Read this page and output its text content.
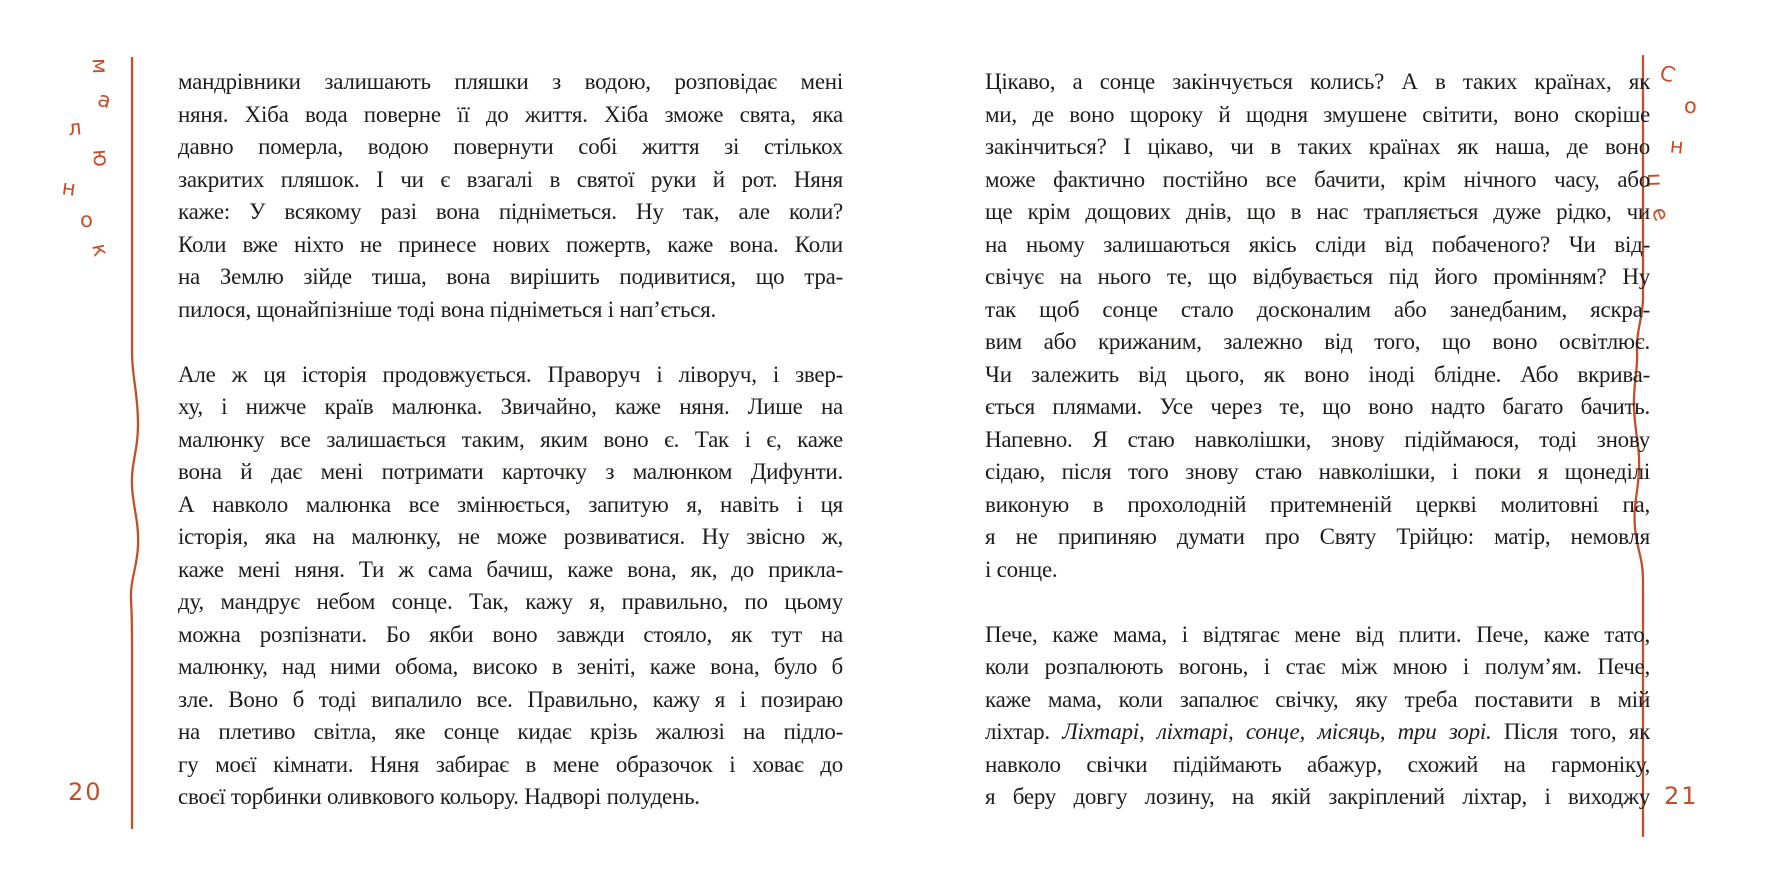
м
а
л
ю
н
о
к
С
о
н
ц
е
мандрівники залишають пляшки з водою, розповідає мені
няня. Хіба вода поверне її до життя. Хіба зможе свята, яка
давно померла, водою повернути собі життя зі стількох
закритих пляшок. І чи є взагалі в святої руки й рот. Няня
каже: У всякому разі вона підніметься. Ну так, але коли?
Коли вже ніхто не принесе нових пожертв, каже вона. Коли
на Землю зійде тиша, вона вирішить подивитися, що тра-
пилося, щонайпізніше тоді вона підніметься і нап’ється.
Але ж ця історія продовжується. Праворуч і ліворуч, і звер-
ху, і нижче країв малюнка. Звичайно, каже няня. Лише на
малюнку все залишається таким, яким воно є. Так і є, каже
вона й дає мені потримати карточку з малюнком Дифунти.
А навколо малюнка все змінюється, запитую я, навіть і ця
історія, яка на малюнку, не може розвиватися. Ну звісно ж,
каже мені няня. Ти ж сама бачиш, каже вона, як, до прикла-
ду, мандрує небом сонце. Так, кажу я, правильно, по цьому
можна розпізнати. Бо якби воно завжди стояло, як тут на
малюнку, над ними обома, високо в зеніті, каже вона, було б
зле. Воно б тоді випалило все. Правильно, кажу я і позираю
на плетиво світла, яке сонце кидає крізь жалюзі на підло-
гу моєї кімнати. Няня забирає в мене образочок і ховає до
своєї торбинки оливкового кольору. Надворі полудень.
Цікаво, а сонце закінчується колись? А в таких країнах, як
ми, де воно щороку й щодня змушене світити, воно скоріше
закінчиться? І цікаво, чи в таких країнах як наша, де воно
може фактично постійно все бачити, крім нічного часу, або
ще крім дощових днів, що в нас трапляється дуже рідко, чи
на ньому залишаються якісь сліди від побаченого? Чи від-
свічує на нього те, що відбувається під його промінням? Ну
так щоб сонце стало досконалим або занедбаним, яскра-
вим або крижаним, залежно від того, що воно освітлює.
Чи залежить від цього, як воно іноді блідне. Або вкрива-
ється плямами. Усе через те, що воно надто багато бачить.
Напевно. Я стаю навколішки, знову підіймаюся, тоді знову
сідаю, після того знову стаю навколішки, і поки я щонеділі
виконую в прохолодній притемненій церкві молитовні па,
я не припиняю думати про Святу Трійцю: матір, немовля
і сонце.
Пече, каже мама, і відтягає мене від плити. Пече, каже тато,
коли розпалюють вогонь, і стає між мною і полум’ям. Пече,
каже мама, коли запалює свічку, яку треба поставити в мій
ліхтар. Ліхтарі, ліхтарі, сонце, місяць, три зорі. Після того, як
навколо свічки підіймають абажур, схожий на гармоніку,
я беру довгу лозину, на якій закріплений ліхтар, і виходжу
20	21
